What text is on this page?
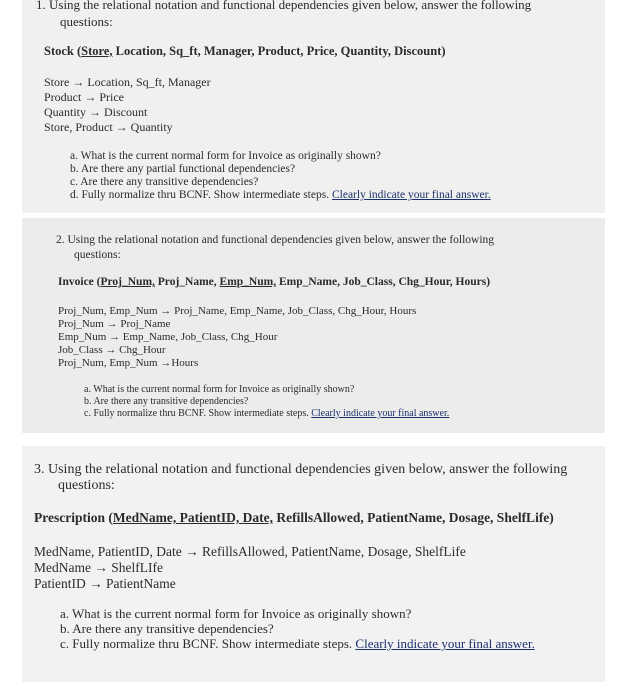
1. Using the relational notation and functional dependencies given below, answer the following
questions:
Stock (Store, Location, Sq_ft, Manager, Product, Price, Quantity, Discount)
Store → Location, Sq_ft, Manager
Product → Price
Quantity → Discount
Store, Product → Quantity
a. What is the current normal form for Invoice as originally shown?
b. Are there any partial functional dependencies?
c. Are there any transitive dependencies?
d. Fully normalize thru BCNF. Show intermediate steps. Clearly indicate your final answer.
2. Using the relational notation and functional dependencies given below, answer the following
questions:
Invoice (Proj_Num, Proj_Name, Emp_Num, Emp_Name, Job_Class, Chg_Hour, Hours)
Proj_Num, Emp_Num → Proj_Name, Emp_Name, Job_Class, Chg_Hour, Hours
Proj_Num → Proj_Name
Emp_Num → Emp_Name, Job_Class, Chg_Hour
Job_Class → Chg_Hour
Proj_Num, Emp_Num →Hours
a. What is the current normal form for Invoice as originally shown?
b. Are there any transitive dependencies?
c. Fully normalize thru BCNF. Show intermediate steps. Clearly indicate your final answer.
3. Using the relational notation and functional dependencies given below, answer the following
questions:
Prescription (MedName, PatientID, Date, RefillsAllowed, PatientName, Dosage, ShelfLife)
MedName, PatientID, Date → RefillsAllowed, PatientName, Dosage, ShelfLife
MedName → ShelfLIfe
PatientID → PatientName
a. What is the current normal form for Invoice as originally shown?
b. Are there any transitive dependencies?
c. Fully normalize thru BCNF. Show intermediate steps. Clearly indicate your final answer.
